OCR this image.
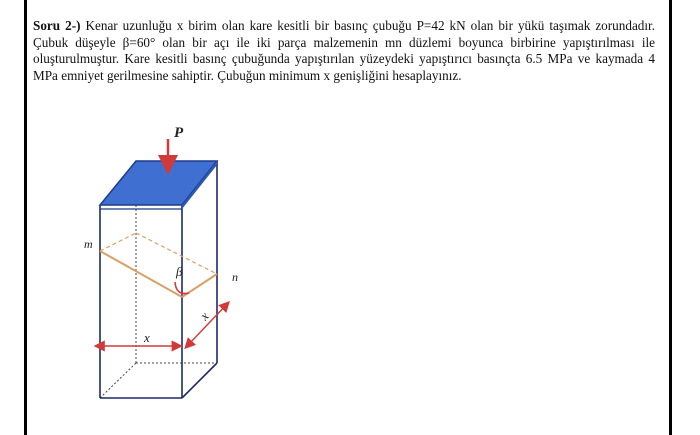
Soru 2-) Kenar uzunluğu x birim olan kare kesitli bir basınç çubuğu P=42 kN olan bir yükü taşımak zorundadır. Çubuk düşeyle β=60° olan bir açı ile iki parça malzemenin mn düzlemi boyunca birbirine yapıştırılması ile oluşturulmuştur. Kare kesitli basınç çubuğunda yapıştırılan yüzeydeki yapıştırıcı basınçta 6.5 MPa ve kaymada 4 MPa emniyet gerilmesine sahiptir. Çubuğun minimum x genişliğini hesaplayınız.

P
m
n
β
x
x
